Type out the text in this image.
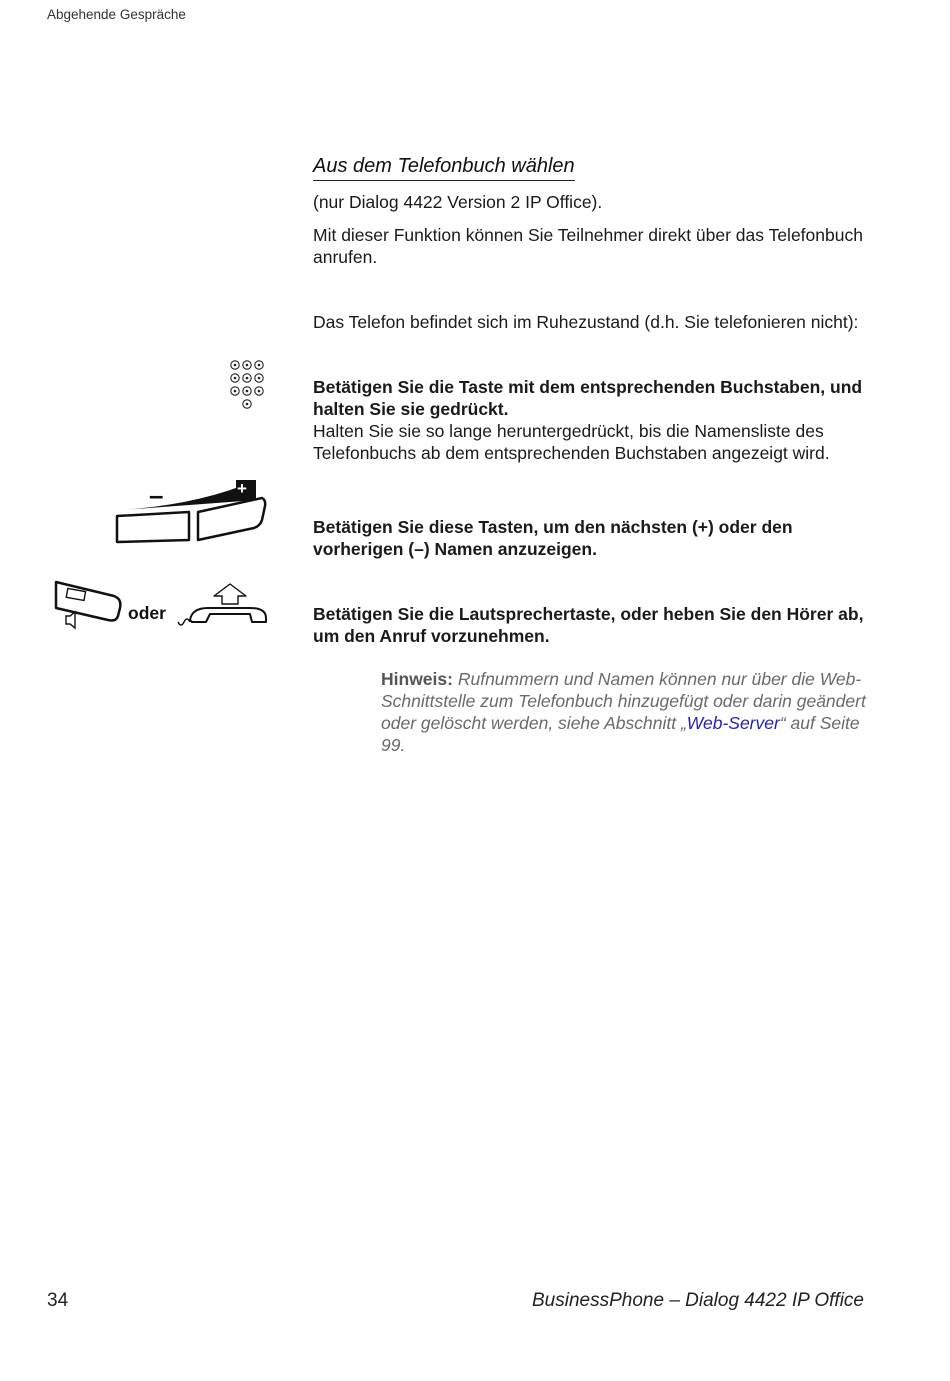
Abgehende Gespräche
Aus dem Telefonbuch wählen
(nur Dialog 4422 Version 2 IP Office).
Mit dieser Funktion können Sie Teilnehmer direkt über das Telefonbuch anrufen.
Das Telefon befindet sich im Ruhezustand (d.h. Sie telefonieren nicht):
Betätigen Sie die Taste mit dem entsprechenden Buchstaben, und halten Sie sie gedrückt.
Halten Sie sie so lange heruntergedrückt, bis die Namensliste des Telefonbuchs ab dem entsprechenden Buchstaben angezeigt wird.
–	+
Betätigen Sie diese Tasten, um den nächsten (+) oder den vorherigen (–) Namen anzuzeigen.
oder	Betätigen Sie die Lautsprechertaste, oder heben Sie den Hörer ab, um den Anruf vorzunehmen.
Hinweis: Rufnummern und Namen können nur über die Web-Schnittstelle zum Telefonbuch hinzugefügt oder darin geändert oder gelöscht werden, siehe Abschnitt „Web-Server“ auf Seite 99.
34	BusinessPhone – Dialog 4422 IP Office
